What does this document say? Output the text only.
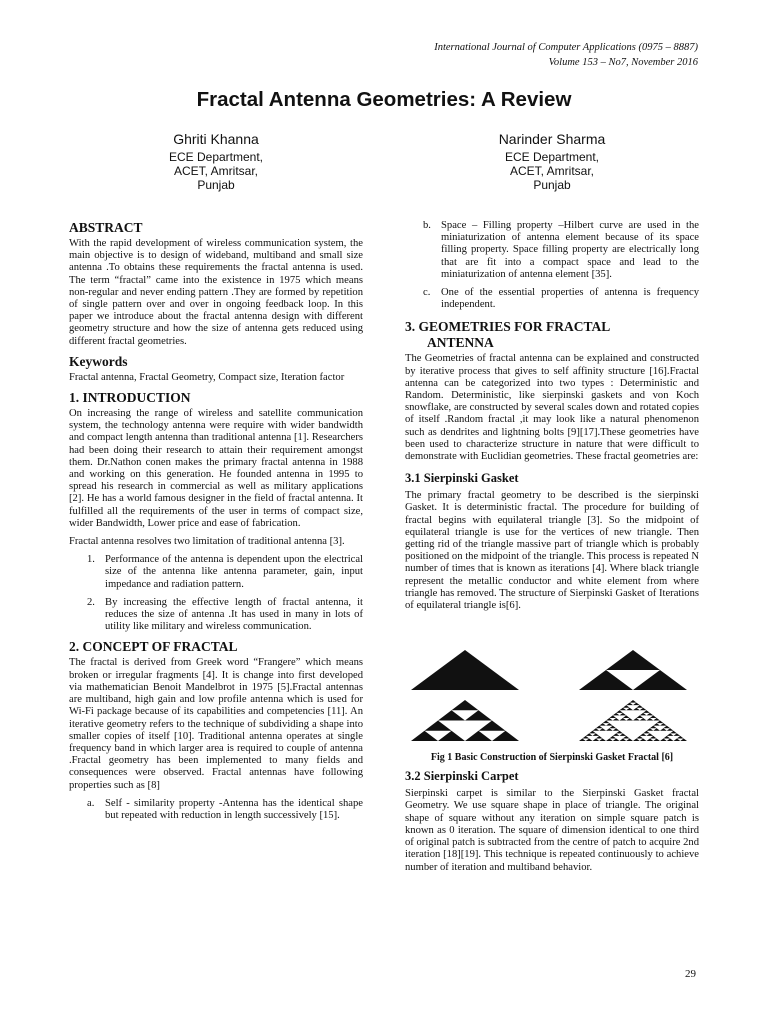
International Journal of Computer Applications (0975 – 8887)
Volume 153 – No7, November 2016
Fractal Antenna Geometries: A Review
Ghriti Khanna
ECE Department,
ACET, Amritsar,
Punjab
Narinder Sharma
ECE Department,
ACET, Amritsar,
Punjab
ABSTRACT

With the rapid development of wireless communication system, the main objective is to design of wideband, multiband and small size antenna .To obtains these requirements the fractal antenna is used. The term “fractal” came into the existence in 1975 which means non-regular and never ending pattern .They are formed by repetition of single pattern over and over in ongoing feedback loop. In this paper we introduce about the fractal antenna design with different geometry structure and how the size of antenna gets reduced using different fractal geometries.

Keywords

Fractal antenna, Fractal Geometry, Compact size, Iteration factor

1. INTRODUCTION

On increasing the range of wireless and satellite communication system, the technology antenna were require with wider bandwidth and compact length antenna than traditional antenna [1]. Researchers had been doing their research to attain their requirement amongst them. Dr.Nathon conen makes the primary fractal antenna in 1988 and working on this generation. He founded antenna in 1995 to spread his research in commercial as well as military applications [2]. He has a world famous designer in the field of fractal antenna. It fulfilled all the requirements of the user in terms of compact size, wider Bandwidth, Lower price and ease of fabrication.

Fractal antenna resolves two limitation of traditional antenna [3].

1. Performance of the antenna is dependent upon the electrical size of the antenna like antenna parameter, gain, input impedance and radiation pattern.
2. By increasing the effective length of fractal antenna, it reduces the size of antenna .It has used in many in lots of utility like military and wireless communication.
2. CONCEPT OF FRACTAL

The fractal is derived from Greek word “Frangere” which means broken or irregular fragments [4]. It is change into first developed via mathematician Benoit Mandelbrot in 1975 [5].Fractal antennas are multiband, high gain and low profile antenna which is used for Wi-Fi package because of its capabilities and competencies [11]. An iterative geometry refers to the technique of subdividing a shape into smaller copies of itself [10]. Traditional antenna operates at single frequency band in which larger area is required to couple of antenna .Fractal geometry has been implemented to many fields and consequences were observed. Fractal antennas have following properties such as [8]

a.	Self - similarity property -Antenna has the identical shape but repeated with reduction in length successively [15].
b. Space – Filling property –Hilbert curve are used in the miniaturization of antenna element because of its space filling property. Space filling property are electrically long that are fit into a compact space and lead to the miniaturization of antenna element [35].
c.	One of the essential properties of antenna is frequency independent.
3. GEOMETRIES FOR FRACTAL
ANTENNA

The Geometries of fractal antenna can be explained and constructed by iterative process that gives to self affinity structure [16].Fractal antenna can be categorized into two types : Deterministic and Random. Deterministic, like sierpinski gaskets and von Koch snowflake, are constructed by several scales down and rotated copies of itself .Random fractal ,it may look like a natural phenomenon such as dendrites and lightning bolts [9][17].These geometries have been used to characterize structure in nature that were difficult to demonstrate with Euclidian geometries. These fractal geometries are:

3.1 Sierpinski Gasket

The primary fractal geometry to be described is the sierpinski Gasket. It is deterministic fractal. The procedure for building of fractal begins with equilateral triangle [3]. So the midpoint of equilateral triangle is use for the vertices of new triangle. Then getting rid of the triangle massive part of triangle which is probably positioned on the midpoint of the triangle. This process is repeated N number of times that is known as iterations [4]. Where black triangle represent the metallic conductor and white element from where triangle has removed. The structure of Sierpinski Gasket of Iterations of equilateral triangle is[6].

Fig 1 Basic Construction of Sierpinski Gasket Fractal [6]
3.2 Sierpinski Carpet

Sierpinski carpet is similar to the Sierpinski Gasket fractal Geometry. We use square shape in place of triangle. The original shape of square without any iteration on simple square patch is known as 0 iteration. The square of dimension identical to one third of original patch is subtracted from the centre of patch to acquire 2nd iteration [18][19]. This technique is repeated continuously to achieve number of iteration and multiband behavior.

29
